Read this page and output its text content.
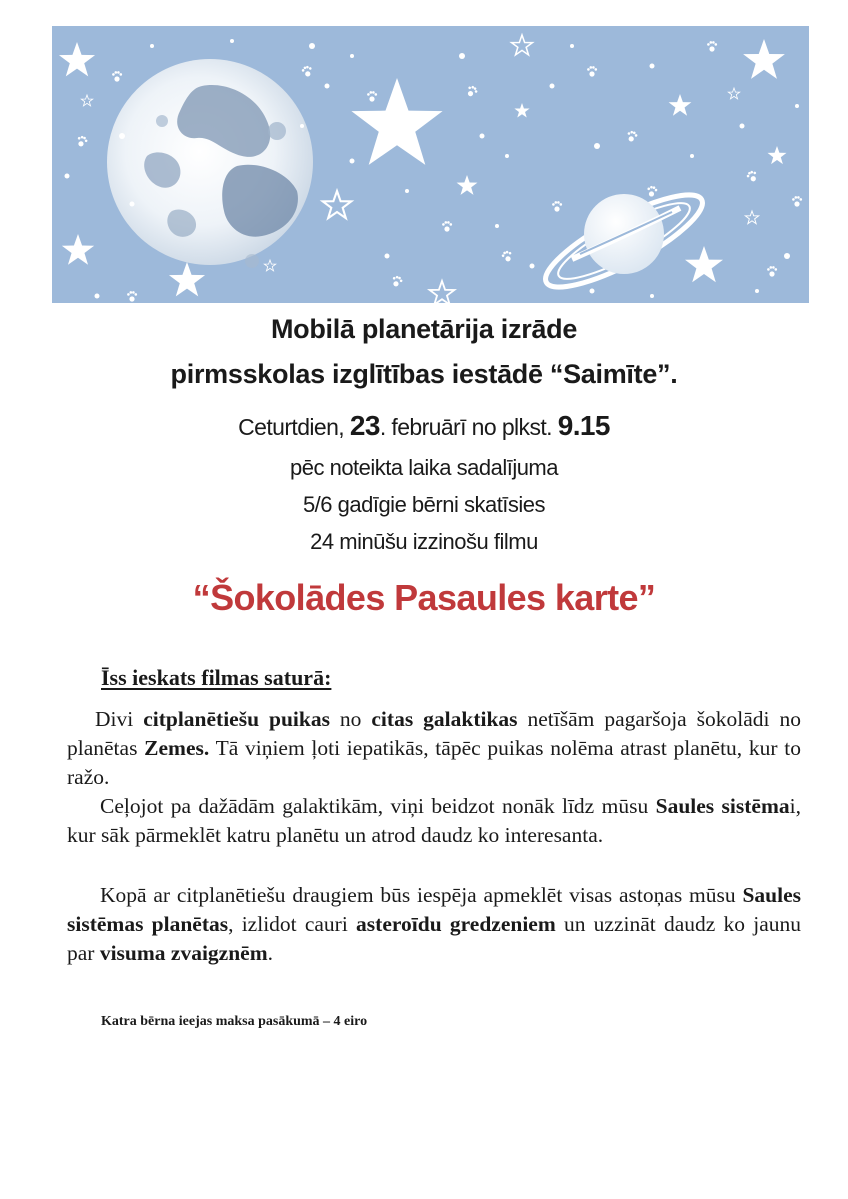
Mobilā planetārija izrāde
pirmsskolas izglītības iestādē “Saimīte”.
Ceturtdien, 23. februārī no plkst. 9.15
pēc noteikta laika sadalījuma
5/6 gadīgie bērni skatīsies
24 minūšu izzinošu filmu
“Šokolādes Pasaules karte”
Īss ieskats filmas saturā:

Divi citplanētiešu puikas no citas galaktikas netīšām pagaršoja šokolādi no planētas Zemes. Tā viņiem ļoti iepatikās, tāpēc puikas nolēma atrast planētu, kur to ražo.

Ceļojot pa dažādām galaktikām, viņi beidzot nonāk līdz mūsu Saules sistēmai, kur sāk pārmeklēt katru planētu un atrod daudz ko interesanta.

Kopā ar citplanētiešu draugiem būs iespēja apmeklēt visas astoņas mūsu Saules sistēmas planētas, izlidot cauri asteroīdu gredzeniem un uzzināt daudz ko jaunu par visuma zvaigznēm.

Katra bērna ieejas maksa pasākumā – 4 eiro
